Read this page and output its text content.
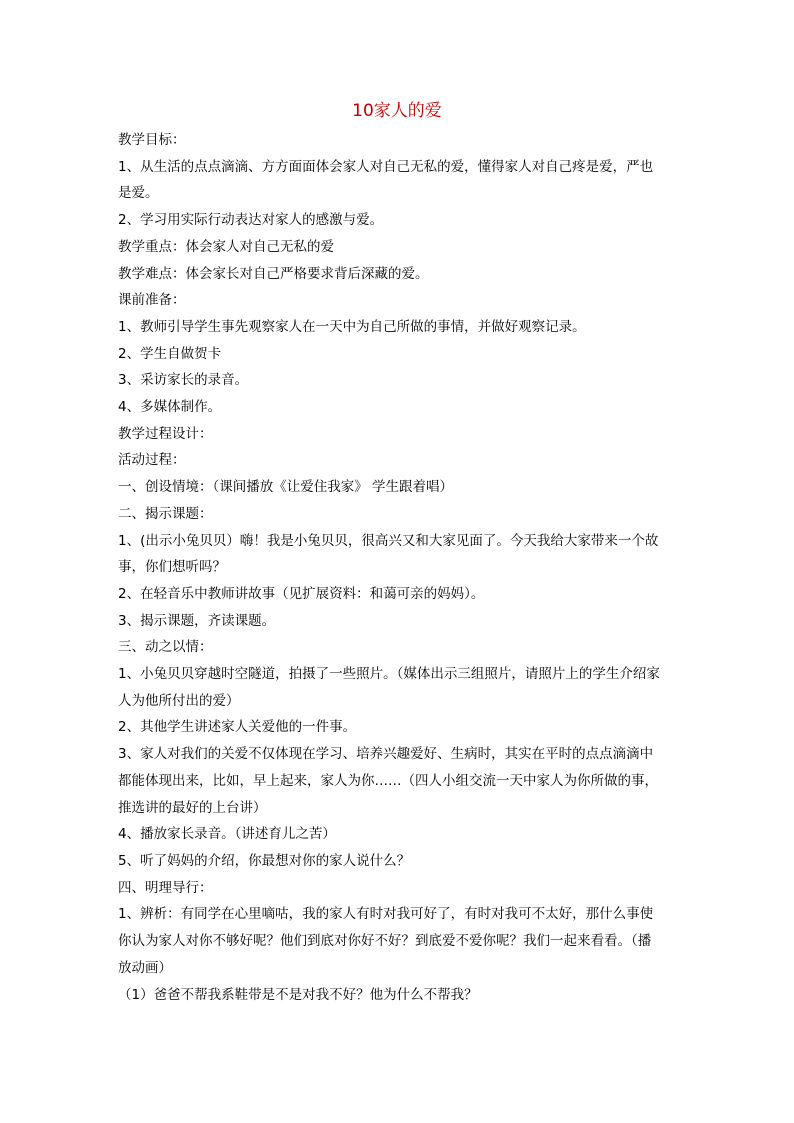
10家人的爱

教学目标：

1、从生活的点点滴滴、方方面面体会家人对自己无私的爱，懂得家人对自己疼是爱，严也

是爱。

2、学习用实际行动表达对家人的感激与爱。

教学重点：体会家人对自己无私的爱

教学难点：体会家长对自己严格要求背后深藏的爱。

课前准备：

1、教师引导学生事先观察家人在一天中为自己所做的事情，并做好观察记录。

2、学生自做贺卡

3、采访家长的录音。

4、多媒体制作。

教学过程设计：

活动过程：

一、创设情境：（课间播放《让爱住我家》 学生跟着唱）

二、揭示课题：

1、(出示小兔贝贝）嗨！我是小兔贝贝，很高兴又和大家见面了。今天我给大家带来一个故

事，你们想听吗？

2、在轻音乐中教师讲故事（见扩展资料：和蔼可亲的妈妈）。

3、揭示课题，齐读课题。

三、动之以情：

1、小兔贝贝穿越时空隧道，拍摄了一些照片。（媒体出示三组照片，请照片上的学生介绍家

人为他所付出的爱）

2、其他学生讲述家人关爱他的一件事。

3、家人对我们的关爱不仅体现在学习、培养兴趣爱好、生病时，其实在平时的点点滴滴中

都能体现出来，比如，早上起来，家人为你……（四人小组交流一天中家人为你所做的事，

推选讲的最好的上台讲）

4、播放家长录音。（讲述育儿之苦）

5、听了妈妈的介绍，你最想对你的家人说什么？

四、明理导行：

1、辨析：有同学在心里嘀咕，我的家人有时对我可好了，有时对我可不太好，那什么事使

你认为家人对你不够好呢？他们到底对你好不好？到底爱不爱你呢？我们一起来看看。（播

放动画）

（1）爸爸不帮我系鞋带是不是对我不好？他为什么不帮我？
